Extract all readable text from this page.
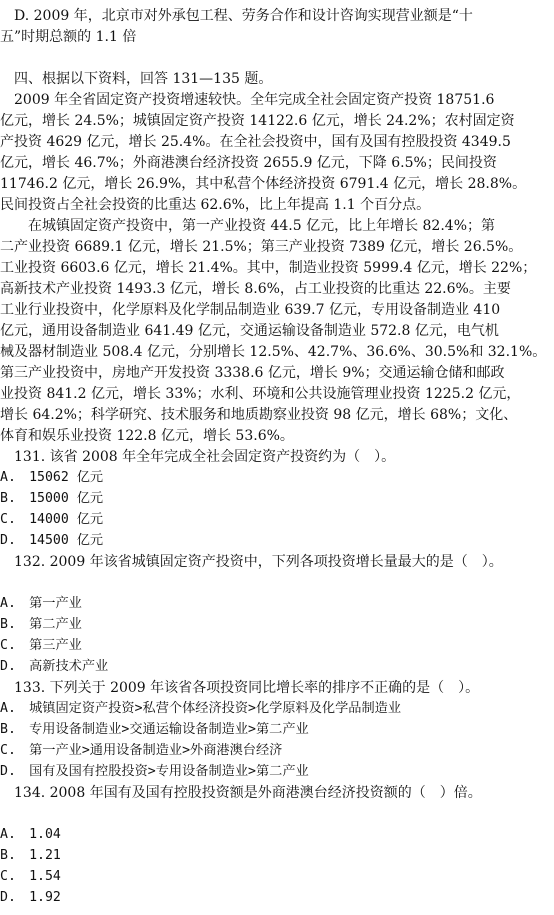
　D. 2009 年，北京市对外承包工程、劳务合作和设计咨询实现营业额是“十
五”时期总额的 1.1 倍
　四、根据以下资料，回答 131—135 题。
　2009 年全省固定资产投资增速较快。全年完成全社会固定资产投资 18751.6
亿元，增长 24.5%；城镇固定资产投资 14122.6 亿元，增长 24.2%；农村固定资
产投资 4629 亿元，增长 25.4%。在全社会投资中，国有及国有控股投资 4349.5
亿元，增长 46.7%；外商港澳台经济投资 2655.9 亿元，下降 6.5%；民间投资
11746.2 亿元，增长 26.9%，其中私营个体经济投资 6791.4 亿元，增长 28.8%。
民间投资占全社会投资的比重达 62.6%，比上年提高 1.1 个百分点。
　　在城镇固定资产投资中，第一产业投资 44.5 亿元，比上年增长 82.4%；第
二产业投资 6689.1 亿元，增长 21.5%；第三产业投资 7389 亿元，增长 26.5%。
工业投资 6603.6 亿元，增长 21.4%。其中，制造业投资 5999.4 亿元，增长 22%；
高新技术产业投资 1493.3 亿元，增长 8.6%，占工业投资的比重达 22.6%。主要
工业行业投资中，化学原料及化学制品制造业 639.7 亿元，专用设备制造业 410
亿元，通用设备制造业 641.49 亿元，交通运输设备制造业 572.8 亿元，电气机
械及器材制造业 508.4 亿元，分别增长 12.5%、42.7%、36.6%、30.5%和 32.1%。
第三产业投资中，房地产开发投资 3338.6 亿元，增长 9%；交通运输仓储和邮政
业投资 841.2 亿元，增长 33%；水利、环境和公共设施管理业投资 1225.2 亿元，
增长 64.2%；科学研究、技术服务和地质勘察业投资 98 亿元，增长 68%；文化、
体育和娱乐业投资 122.8 亿元，增长 53.6%。
　131. 该省 2008 年全年完成全社会固定资产投资约为（　）。
A.　15062 亿元
B.　15000 亿元
C.　14000 亿元
D.　14500 亿元
　132. 2009 年该省城镇固定资产投资中，下列各项投资增长量最大的是（　）。
A.　第一产业
B.　第二产业
C.　第三产业
D.　高新技术产业
　133. 下列关于 2009 年该省各项投资同比增长率的排序不正确的是（　）。
A.　城镇固定资产投资>私营个体经济投资>化学原料及化学品制造业
B.　专用设备制造业>交通运输设备制造业>第二产业
C.　第一产业>通用设备制造业>外商港澳台经济
D.　国有及国有控股投资>专用设备制造业>第二产业
　134. 2008 年国有及国有控股投资额是外商港澳台经济投资额的（　）倍。
A.　1.04
B.　1.21
C.　1.54
D.　1.92
